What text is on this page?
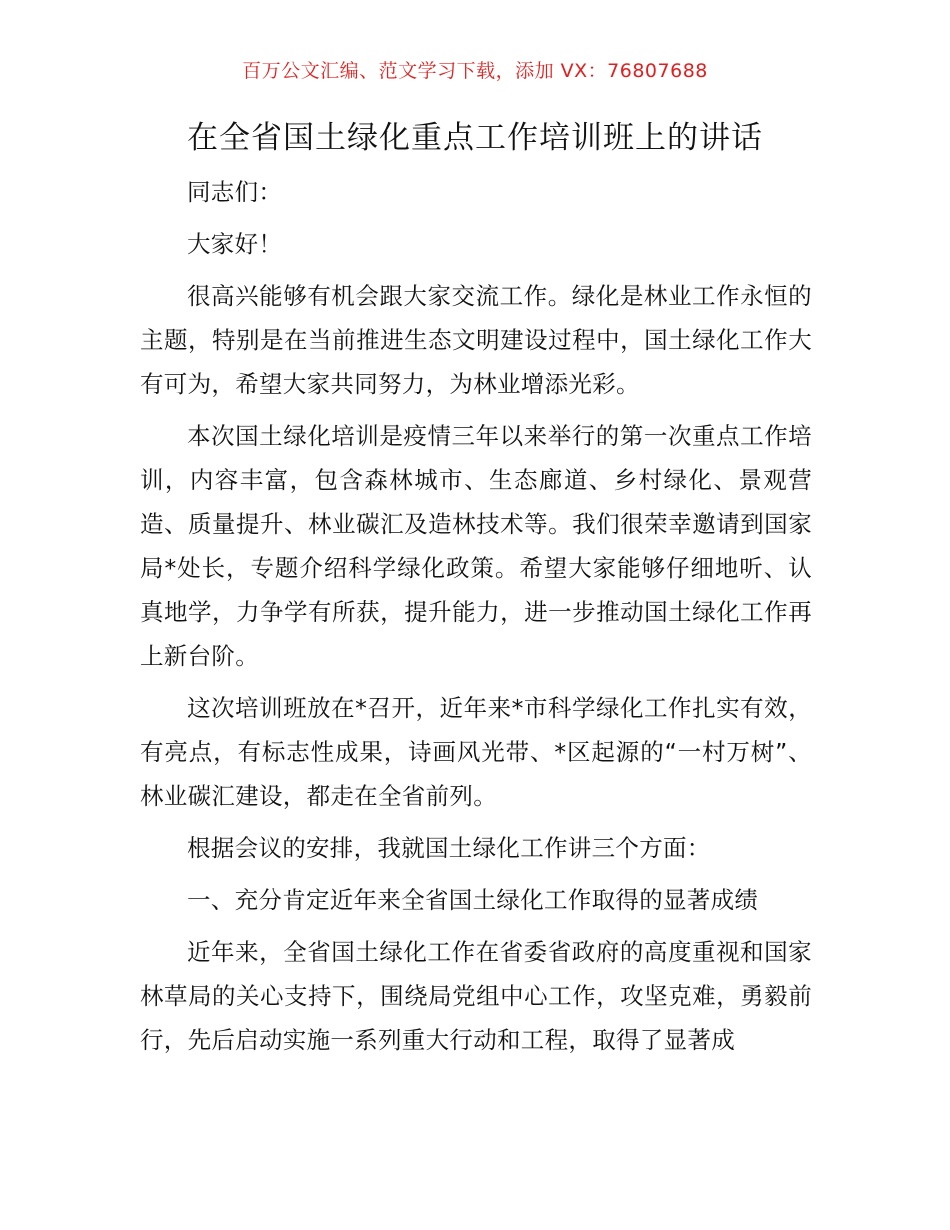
百万公文汇编、范文学习下载，添加 VX：76807688
在全省国土绿化重点工作培训班上的讲话

同志们：

大家好！

很高兴能够有机会跟大家交流工作。绿化是林业工作永恒的主题，特别是在当前推进生态文明建设过程中，国土绿化工作大有可为，希望大家共同努力，为林业增添光彩。

本次国土绿化培训是疫情三年以来举行的第一次重点工作培训，内容丰富，包含森林城市、生态廊道、乡村绿化、景观营造、质量提升、林业碳汇及造林技术等。我们很荣幸邀请到国家局*处长，专题介绍科学绿化政策。希望大家能够仔细地听、认真地学，力争学有所获，提升能力，进一步推动国土绿化工作再上新台阶。

这次培训班放在*召开，近年来*市科学绿化工作扎实有效，有亮点，有标志性成果，诗画风光带、*区起源的“一村万树”、林业碳汇建设，都走在全省前列。

根据会议的安排，我就国土绿化工作讲三个方面：

一、充分肯定近年来全省国土绿化工作取得的显著成绩

近年来，全省国土绿化工作在省委省政府的高度重视和国家林草局的关心支持下，围绕局党组中心工作，攻坚克难，勇毅前行，先后启动实施一系列重大行动和工程，取得了显著成
